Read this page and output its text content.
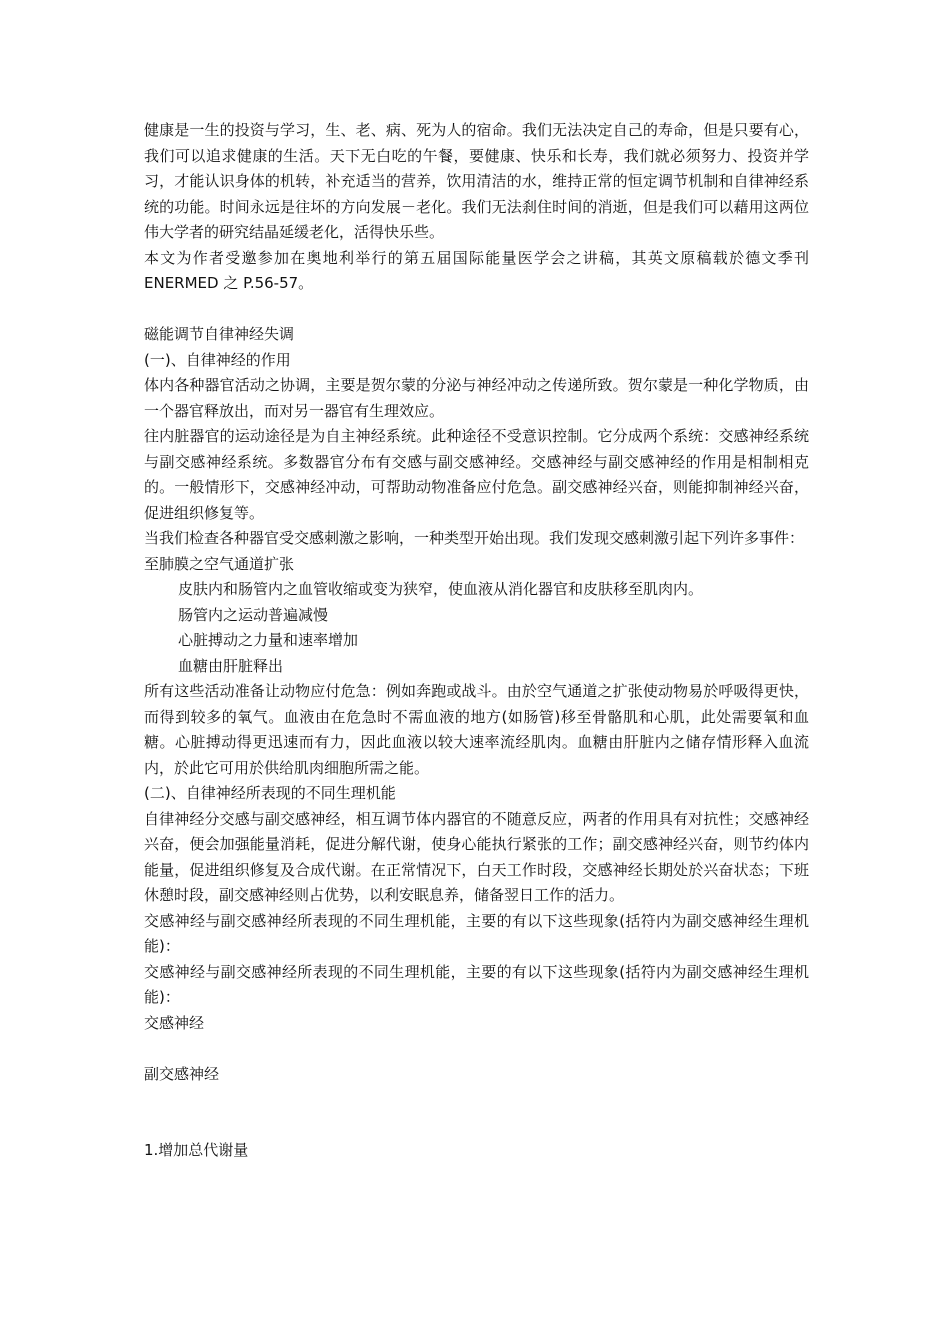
健康是一生的投资与学习，生、老、病、死为人的宿命。我们无法决定自己的寿命，但是只要有心，我们可以追求健康的生活。天下无白吃的午餐，要健康、快乐和长寿，我们就必须努力、投资并学习，才能认识身体的机转，补充适当的营养，饮用清洁的水，维持正常的恒定调节机制和自律神经系统的功能。时间永远是往坏的方向发展－老化。我们无法刹住时间的消逝，但是我们可以藉用这两位伟大学者的研究结晶延缓老化，活得快乐些。

本文为作者受邀参加在奥地利举行的第五届国际能量医学会之讲稿，其英文原稿载於德文季刊 ENERMED 之 P.56-57。

磁能调节自律神经失调

(一)、自律神经的作用

体内各种器官活动之协调，主要是贺尔蒙的分泌与神经冲动之传递所致。贺尔蒙是一种化学物质，由一个器官释放出，而对另一器官有生理效应。

往内脏器官的运动途径是为自主神经系统。此种途径不受意识控制。它分成两个系统：交感神经系统与副交感神经系统。多数器官分布有交感与副交感神经。交感神经与副交感神经的作用是相制相克的。一般情形下，交感神经冲动，可帮助动物准备应付危急。副交感神经兴奋，则能抑制神经兴奋，促进组织修复等。

当我们检查各种器官受交感刺激之影响，一种类型开始出现。我们发现交感刺激引起下列许多事件：

至肺膜之空气通道扩张

皮肤内和肠管内之血管收缩或变为狭窄，使血液从消化器官和皮肤移至肌肉内。

肠管内之运动普遍减慢

心脏搏动之力量和速率增加

血糖由肝脏释出

所有这些活动准备让动物应付危急：例如奔跑或战斗。由於空气通道之扩张使动物易於呼吸得更快，而得到较多的氧气。血液由在危急时不需血液的地方(如肠管)移至骨骼肌和心肌，此处需要氧和血糖。心脏搏动得更迅速而有力，因此血液以较大速率流经肌肉。血糖由肝脏内之储存情形释入血流内，於此它可用於供给肌肉细胞所需之能。

(二)、自律神经所表现的不同生理机能

自律神经分交感与副交感神经，相互调节体内器官的不随意反应，两者的作用具有对抗性；交感神经兴奋，便会加强能量消耗，促进分解代谢，使身心能执行紧张的工作；副交感神经兴奋，则节约体内能量，促进组织修复及合成代谢。在正常情况下，白天工作时段，交感神经长期处於兴奋状态；下班休憩时段，副交感神经则占优势，以利安眠息养，储备翌日工作的活力。

交感神经与副交感神经所表现的不同生理机能，主要的有以下这些现象(括符内为副交感神经生理机能)：

交感神经与副交感神经所表现的不同生理机能，主要的有以下这些现象(括符内为副交感神经生理机能)：

交感神经

副交感神经

1.增加总代谢量
